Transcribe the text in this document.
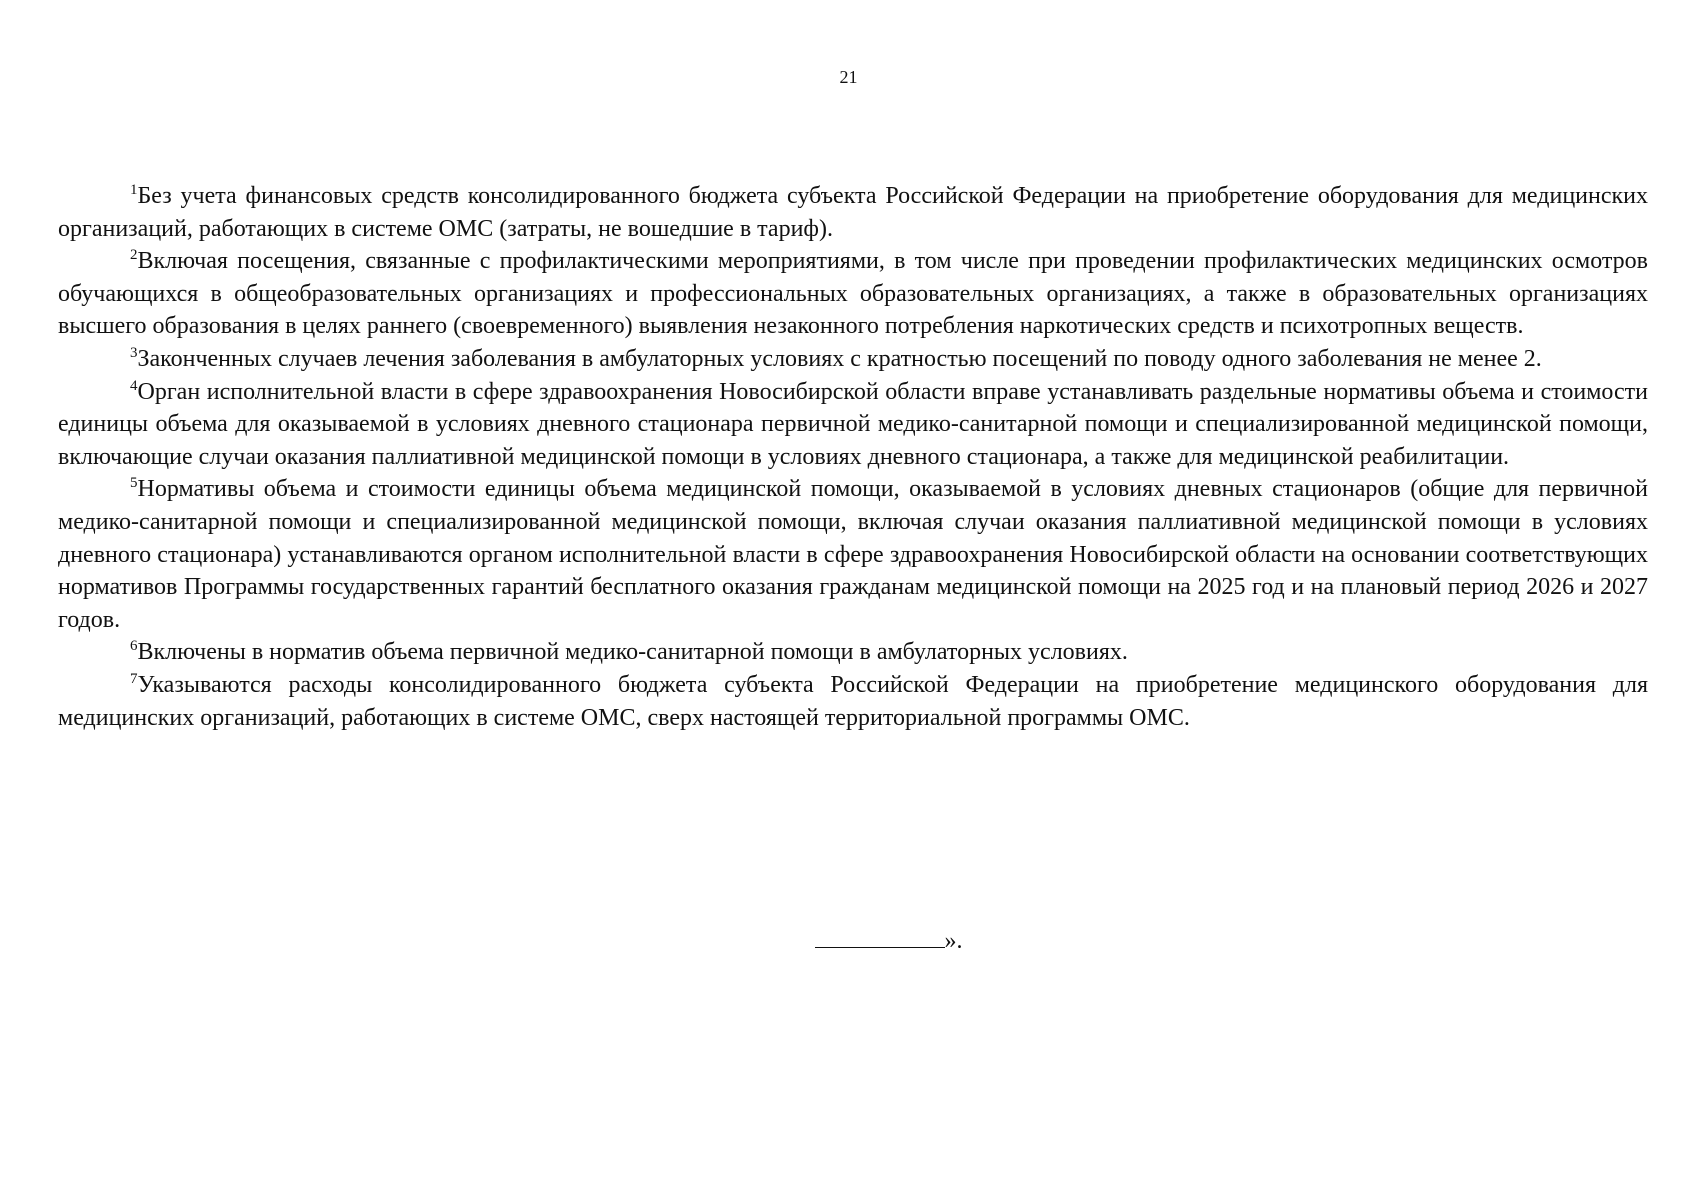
21

$^1$Без учета финансовых средств консолидированного бюджета субъекта Российской Федерации на приобретение оборудования для медицинских организаций, работающих в системе ОМС (затраты, не вошедшие в тариф).

$^2$Включая посещения, связанные с профилактическими мероприятиями, в том числе при проведении профилактических медицинских осмотров обучающихся в общеобразовательных организациях и профессиональных образовательных организациях, а также в образовательных организациях высшего образования в целях раннего (своевременного) выявления незаконного потребления наркотических средств и психотропных веществ.

$^3$Законченных случаев лечения заболевания в амбулаторных условиях с кратностью посещений по поводу одного заболевания не менее 2.

$^4$Орган исполнительной власти в сфере здравоохранения Новосибирской области вправе устанавливать раздельные нормативы объема и стоимости единицы объема для оказываемой в условиях дневного стационара первичной медико-санитарной помощи и специализированной медицинской помощи, включающие случаи оказания паллиативной медицинской помощи в условиях дневного стационара, а также для медицинской реабилитации.

$^5$Нормативы объема и стоимости единицы объема медицинской помощи, оказываемой в условиях дневных стационаров (общие для первичной медико-санитарной помощи и специализированной медицинской помощи, включая случаи оказания паллиативной медицинской помощи в условиях дневного стационара) устанавливаются органом исполнительной власти в сфере здравоохранения Новосибирской области на основании соответствующих нормативов Программы государственных гарантий бесплатного оказания гражданам медицинской помощи на 2025 год и на плановый период 2026 и 2027 годов.

$^6$Включены в норматив объема первичной медико-санитарной помощи в амбулаторных условиях.

$^7$Указываются расходы консолидированного бюджета субъекта Российской Федерации на приобретение медицинского оборудования для медицинских организаций, работающих в системе ОМС, сверх настоящей территориальной программы ОМС.

».
